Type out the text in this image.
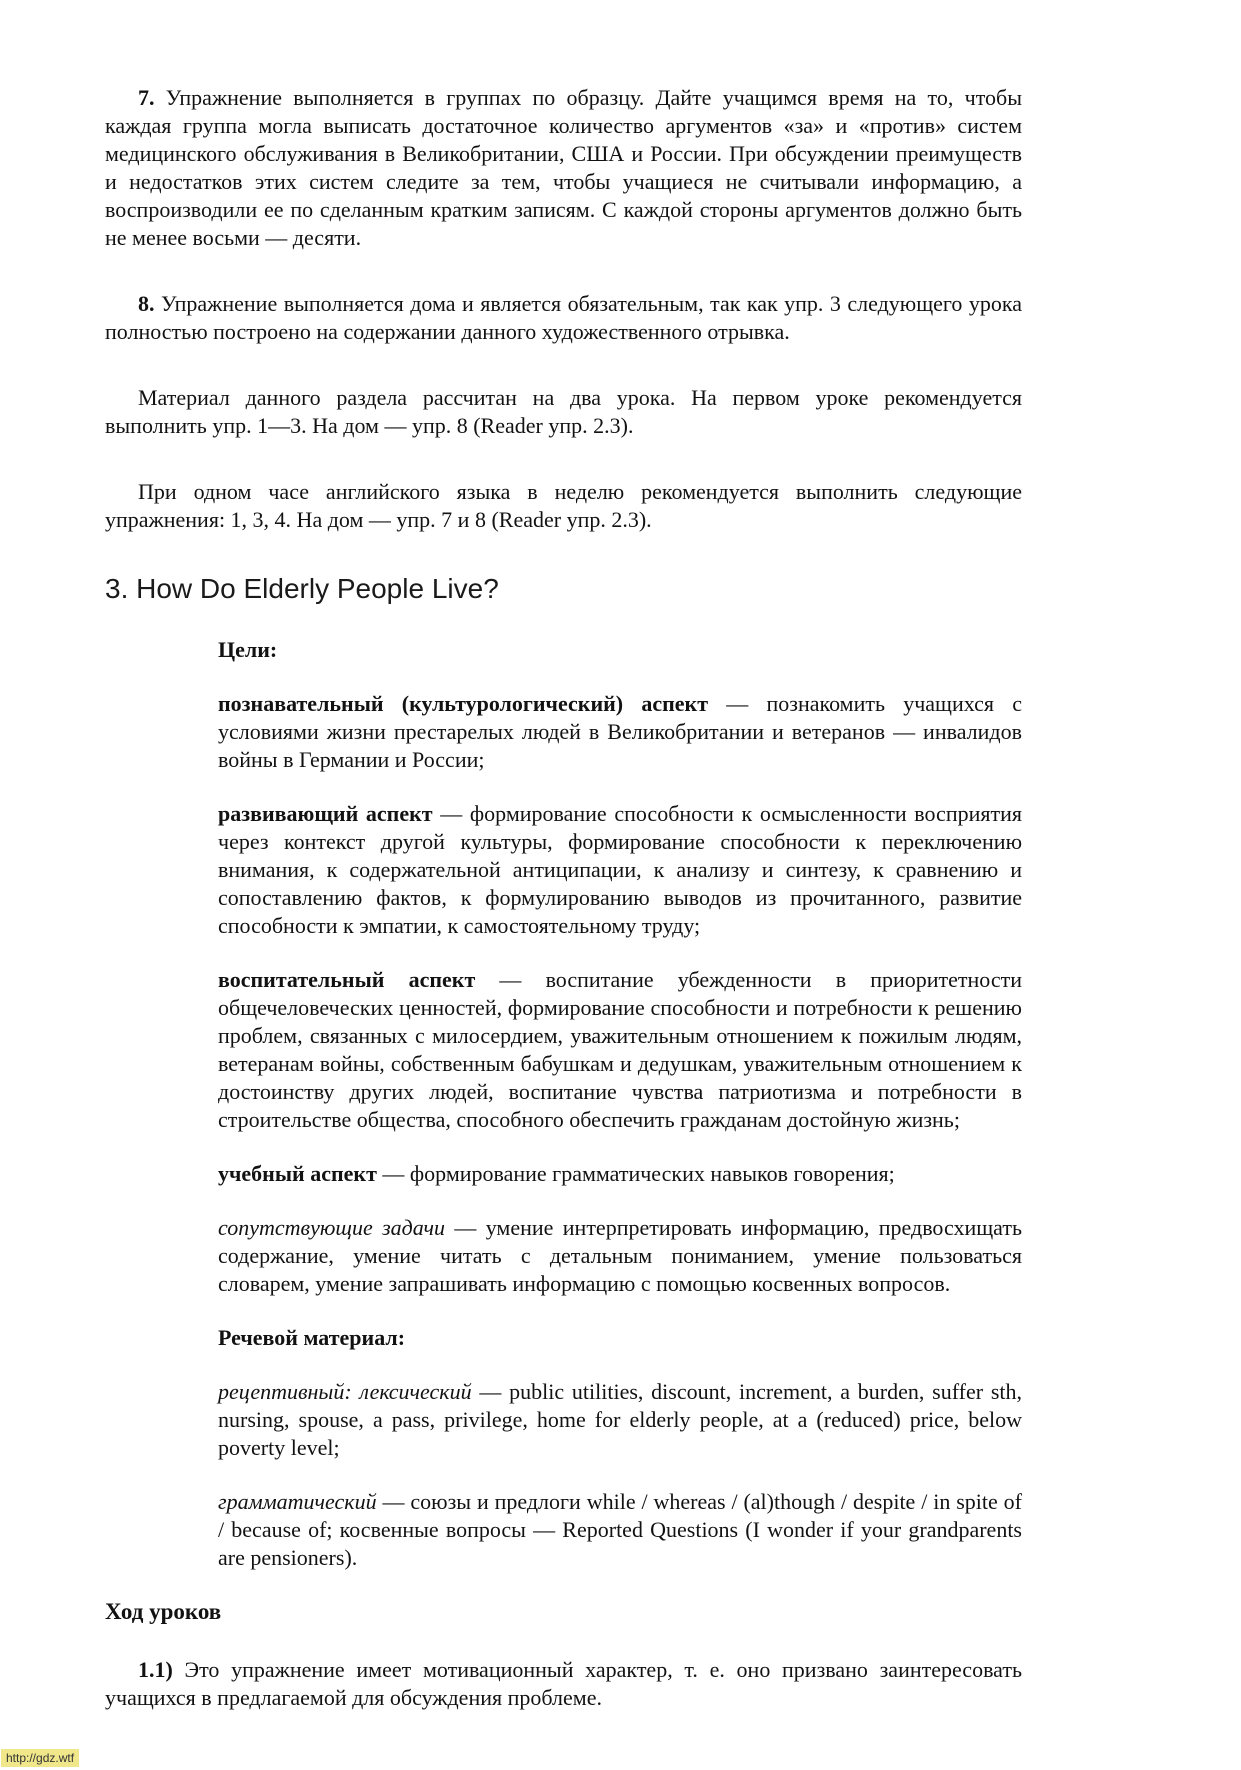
7. Упражнение выполняется в группах по образцу. Дайте учащимся время на то, чтобы каждая группа могла выписать достаточное количество аргументов «за» и «против» систем медицинского обслуживания в Великобритании, США и России. При обсуждении преимуществ и недостатков этих систем следите за тем, чтобы учащиеся не считывали информацию, а воспроизводили ее по сделанным кратким записям. С каждой стороны аргументов должно быть не менее восьми — десяти.

8. Упражнение выполняется дома и является обязательным, так как упр. 3 следующего урока полностью построено на содержании данного художественного отрывка.

Материал данного раздела рассчитан на два урока. На первом уроке рекомендуется выполнить упр. 1—3. На дом — упр. 8 (Reader упр. 2.3).

При одном часе английского языка в неделю рекомендуется выполнить следующие упражнения: 1, 3, 4. На дом — упр. 7 и 8 (Reader упр. 2.3).

3. How Do Elderly People Live?

Цели:

познавательный (культурологический) аспект — познакомить учащихся с условиями жизни престарелых людей в Великобритании и ветеранов — инвалидов войны в Германии и России;

развивающий аспект — формирование способности к осмысленности восприятия через контекст другой культуры, формирование способности к переключению внимания, к содержательной антиципации, к анализу и синтезу, к сравнению и сопоставлению фактов, к формулированию выводов из прочитанного, развитие способности к эмпатии, к самостоятельному труду;

воспитательный аспект — воспитание убежденности в приоритетности общечеловеческих ценностей, формирование способности и потребности к решению проблем, связанных с милосердием, уважительным отношением к пожилым людям, ветеранам войны, собственным бабушкам и дедушкам, уважительным отношением к достоинству других людей, воспитание чувства патриотизма и потребности в строительстве общества, способного обеспечить гражданам достойную жизнь;

учебный аспект — формирование грамматических навыков говорения;

сопутствующие задачи — умение интерпретировать информацию, предвосхищать содержание, умение читать с детальным пониманием, умение пользоваться словарем, умение запрашивать информацию с помощью косвенных вопросов.

Речевой материал:

рецептивный: лексический — public utilities, discount, increment, a burden, suffer sth, nursing, spouse, a pass, privilege, home for elderly people, at a (reduced) price, below poverty level;

грамматический — союзы и предлоги while / whereas / (al)though / despite / in spite of / because of; косвенные вопросы — Reported Questions (I wonder if your grandparents are pensioners).

Ход уроков

1.1) Это упражнение имеет мотивационный характер, т. е. оно призвано заинтересовать учащихся в предлагаемой для обсуждения проблеме.

http://gdz.wtf
